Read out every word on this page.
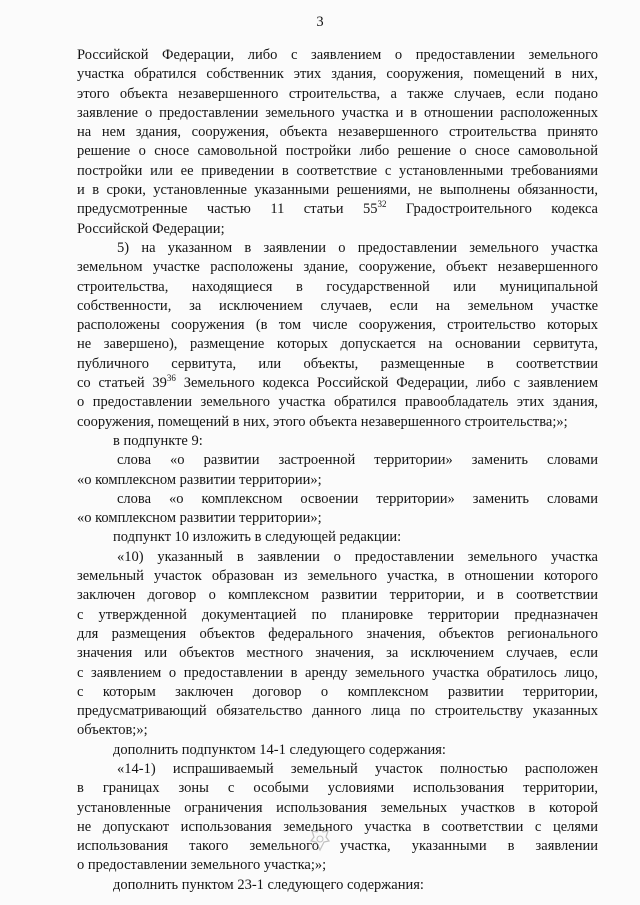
3
Российской Федерации, либо с заявлением о предоставлении земельного
участка обратился собственник этих здания, сооружения, помещений в них,
этого объекта незавершенного строительства, а также случаев, если подано
заявление о предоставлении земельного участка и в отношении расположенных
на нем здания, сооружения, объекта незавершенного строительства принято
решение о сносе самовольной постройки либо решение о сносе самовольной
постройки или ее приведении в соответствие с установленными требованиями
и в сроки, установленные указанными решениями, не выполнены обязанности,
предусмотренные частью 11 статьи $55^{32}$ Градостроительного кодекса
Российской Федерации;
5) на указанном в заявлении о предоставлении земельного участка
земельном участке расположены здание, сооружение, объект незавершенного
строительства, находящиеся в государственной или муниципальной
собственности, за исключением случаев, если на земельном участке
расположены сооружения (в том числе сооружения, строительство которых
не завершено), размещение которых допускается на основании сервитута,
публичного сервитута, или объекты, размещенные в соответствии
со статьей $39^{36}$ Земельного кодекса Российской Федерации, либо с заявлением
о предоставлении земельного участка обратился правообладатель этих здания,
сооружения, помещений в них, этого объекта незавершенного строительства;»;
в подпункте 9:
слова «о развитии застроенной территории» заменить словами
«о комплексном развитии территории»;
слова «о комплексном освоении территории» заменить словами
«о комплексном развитии территории»;
подпункт 10 изложить в следующей редакции:
«10) указанный в заявлении о предоставлении земельного участка
земельный участок образован из земельного участка, в отношении которого
заключен договор о комплексном развитии территории, и в соответствии
с утвержденной документацией по планировке территории предназначен
для размещения объектов федерального значения, объектов регионального
значения или объектов местного значения, за исключением случаев, если
с заявлением о предоставлении в аренду земельного участка обратилось лицо,
с которым заключен договор о комплексном развитии территории,
предусматривающий обязательство данного лица по строительству указанных
объектов;»;
дополнить подпунктом 14-1 следующего содержания:
«14-1) испрашиваемый земельный участок полностью расположен
в границах зоны с особыми условиями использования территории,
установленные ограничения использования земельных участков в которой
не допускают использования земельного участка в соответствии с целями
использования такого земельного участка, указанными в заявлении
о предоставлении земельного участка;»;
дополнить пунктом 23-1 следующего содержания:
